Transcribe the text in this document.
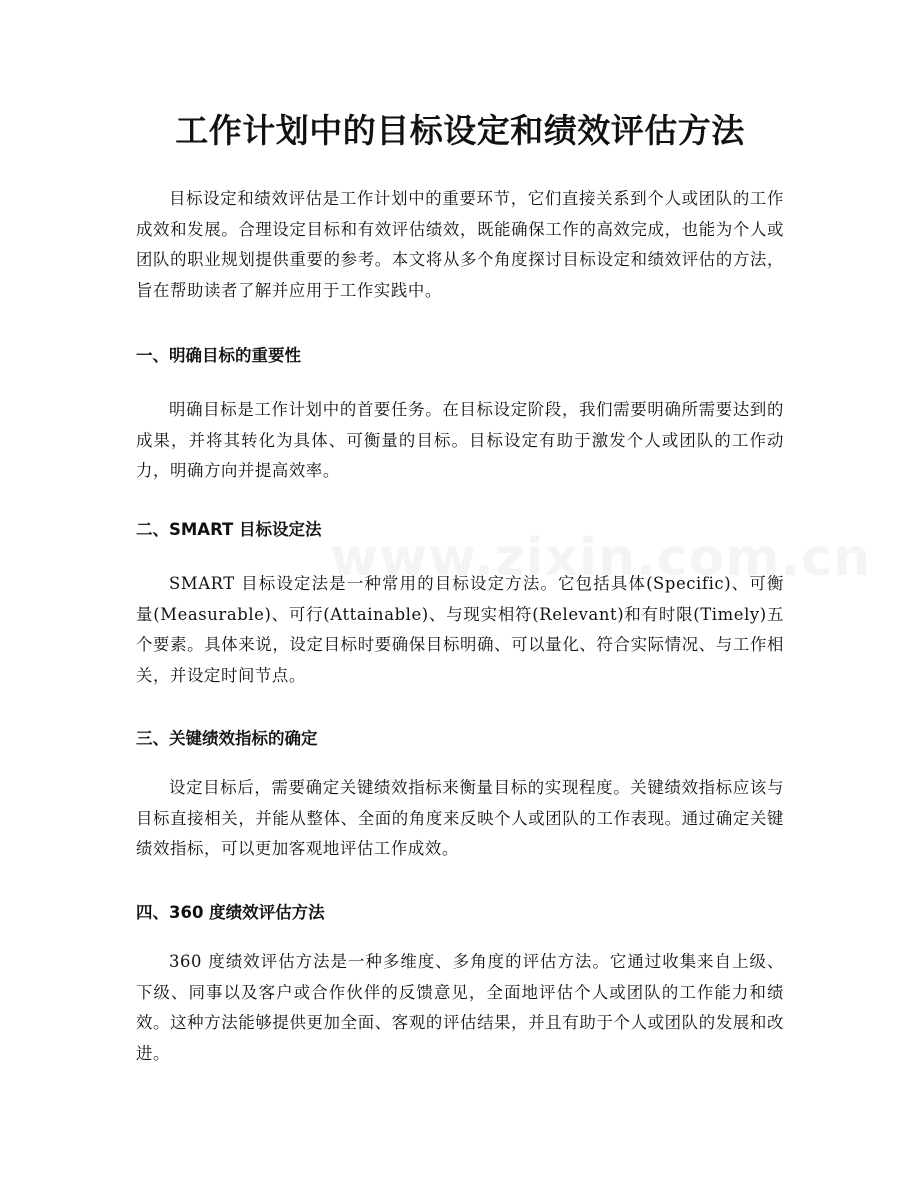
工作计划中的目标设定和绩效评估方法

目标设定和绩效评估是工作计划中的重要环节，它们直接关系到个人或团队的工作成效和发展。合理设定目标和有效评估绩效，既能确保工作的高效完成，也能为个人或团队的职业规划提供重要的参考。本文将从多个角度探讨目标设定和绩效评估的方法，旨在帮助读者了解并应用于工作实践中。

一、明确目标的重要性

明确目标是工作计划中的首要任务。在目标设定阶段，我们需要明确所需要达到的成果，并将其转化为具体、可衡量的目标。目标设定有助于激发个人或团队的工作动力，明确方向并提高效率。

二、SMART 目标设定法

SMART 目标设定法是一种常用的目标设定方法。它包括具体(Specific)、可衡量(Measurable)、可行(Attainable)、与现实相符(Relevant)和有时限(Timely)五个要素。具体来说，设定目标时要确保目标明确、可以量化、符合实际情况、与工作相关，并设定时间节点。

三、关键绩效指标的确定

设定目标后，需要确定关键绩效指标来衡量目标的实现程度。关键绩效指标应该与目标直接相关，并能从整体、全面的角度来反映个人或团队的工作表现。通过确定关键绩效指标，可以更加客观地评估工作成效。

四、360 度绩效评估方法

360 度绩效评估方法是一种多维度、多角度的评估方法。它通过收集来自上级、下级、同事以及客户或合作伙伴的反馈意见，全面地评估个人或团队的工作能力和绩效。这种方法能够提供更加全面、客观的评估结果，并且有助于个人或团队的发展和改进。
